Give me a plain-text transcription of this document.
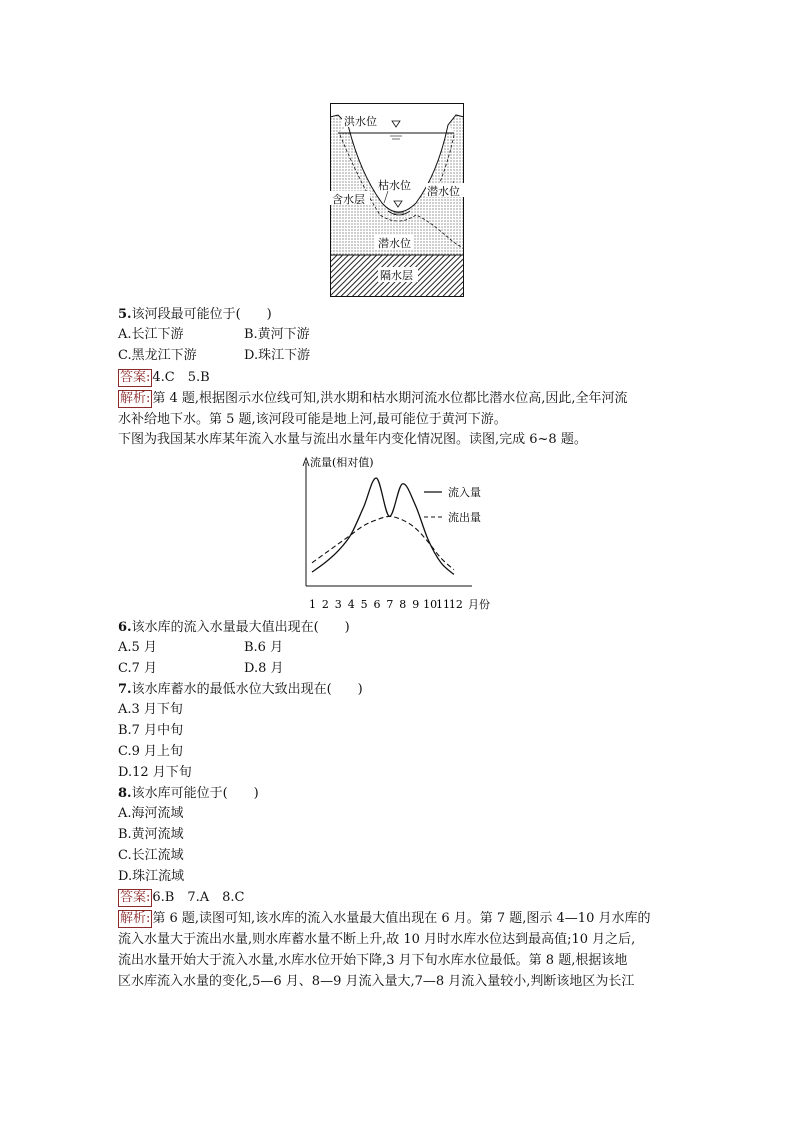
洪水位
枯水位 潜水位
含水层
潜水位
隔水层
5.该河段最可能位于(　　)
A.长江下游	B.黄河下游
C.黑龙江下游	D.珠江下游
答案: 4.C　5.B
解析: 第 4 题,根据图示水位线可知,洪水期和枯水期河流水位都比潜水位高,因此,全年河流
水补给地下水。第 5 题,该河段可能是地上河,最可能位于黄河下游。
下图为我国某水库某年流入水量与流出水量年内变化情况图。读图,完成 6~8 题。
流量(相对值)
1 2 3 4 5 6 7 8 9 10
11
12 月份
流入量
流出量
6.该水库的流入水量最大值出现在(　　)
A.5 月	B.6 月
C.7 月	D.8 月
7.该水库蓄水的最低水位大致出现在(　　)
A.3 月下旬
B.7 月中旬
C.9 月上旬
D.12 月下旬
8.该水库可能位于(　　)
A.海河流域
B.黄河流域
C.长江流域
D.珠江流域
答案: 6.B　7.A　8.C
解析: 第 6 题,读图可知,该水库的流入水量最大值出现在 6 月。第 7 题,图示 4—10 月水库的
流入水量大于流出水量,则水库蓄水量不断上升,故 10 月时水库水位达到最高值;10 月之后,
流出水量开始大于流入水量,水库水位开始下降,3 月下旬水库水位最低。第 8 题,根据该地
区水库流入水量的变化,5—6 月、8—9 月流入量大,7—8 月流入量较小,判断该地区为长江
